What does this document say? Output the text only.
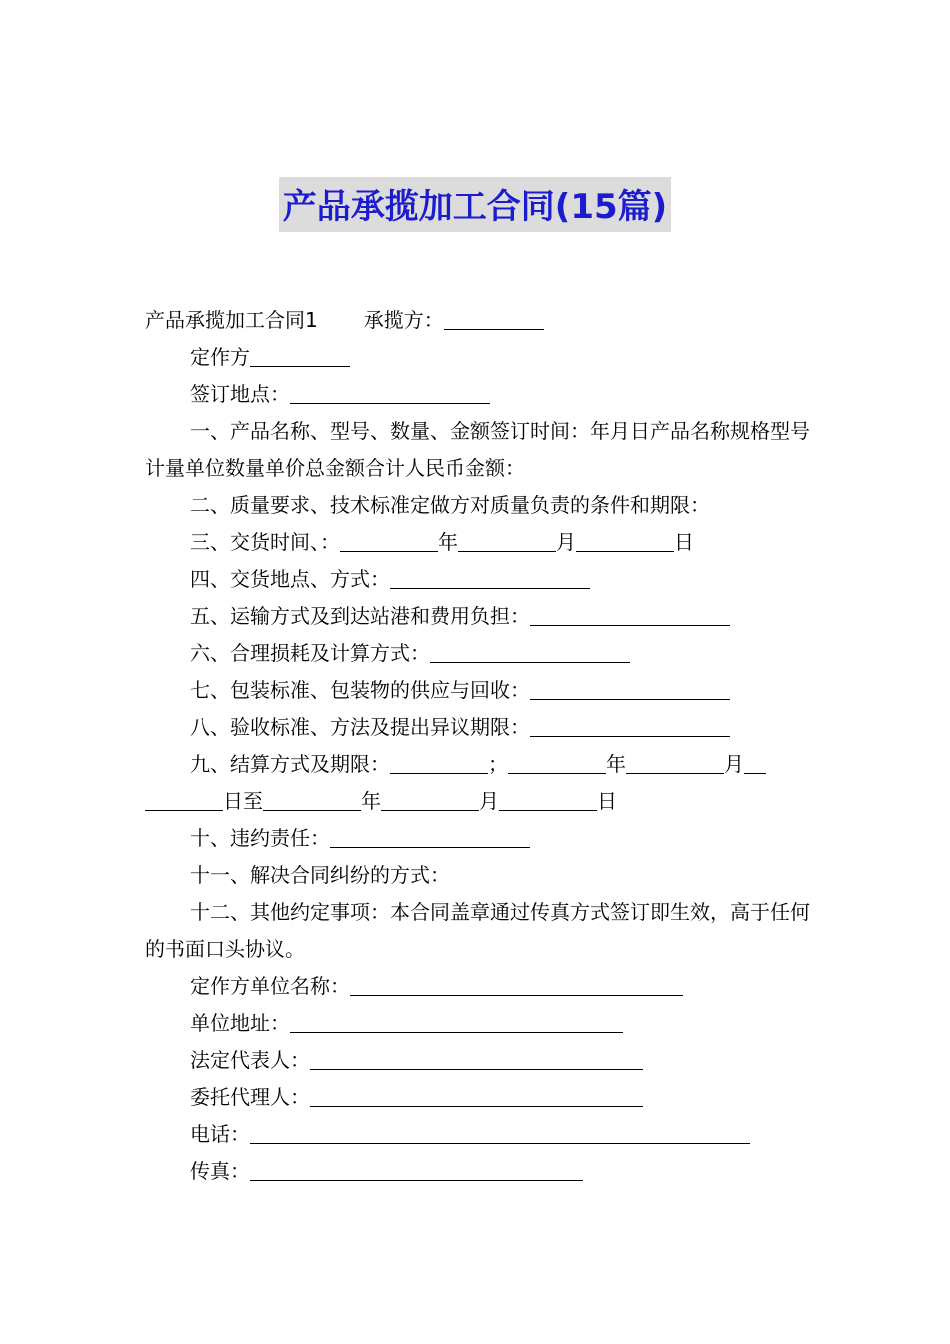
产品承揽加工合同(15篇)

产品承揽加工合同1 承揽方：

定作方

签订地点：

一、产品名称、型号、数量、金额签订时间：年月日产品名称规格型号计量单位数量单价总金额合计人民币金额：

二、质量要求、技术标准定做方对质量负责的条件和期限：

三、交货时间、：	年	月	日

四、交货地点、方式：

五、运输方式及到达站港和费用负担：

六、合理损耗及计算方式：

七、包装标准、包装物的供应与回收：

八、验收标准、方法及提出异议期限：

九、结算方式及期限：	；	年	月

日至	年	月	日

十、违约责任：

十一、解决合同纠纷的方式：

十二、其他约定事项：本合同盖章通过传真方式签订即生效，高于任何的书面口头协议。

定作方单位名称：

单位地址：

法定代表人：

委托代理人：

电话：

传真：
